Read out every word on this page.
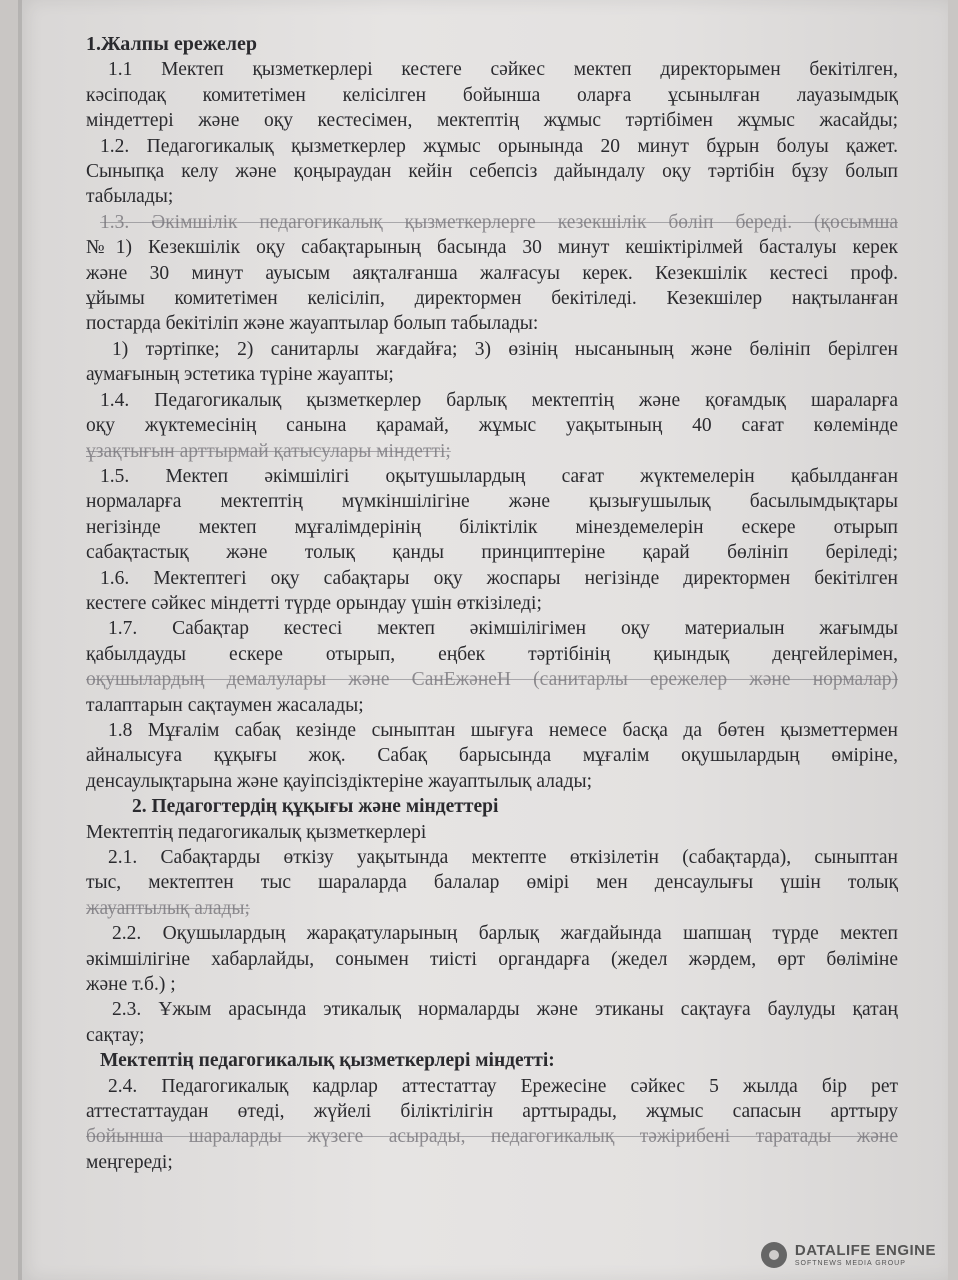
1.Жалпы ережелер
1.1 Мектеп қызметкерлері кестеге сәйкес мектеп директорымен бекітілген,
кәсіподақ комитетімен келісілген бойынша оларға ұсынылған лауазымдық
міндеттері және оқу кестесімен, мектептің жұмыс тәртібімен жұмыс жасайды;
1.2. Педагогикалық қызметкерлер жұмыс орынында 20 минут бұрын болуы қажет.
Сыныпқа келу және қоңыраудан кейін себепсіз дайындалу оқу тәртібін бұзу болып
табылады;
1.3. Әкімшілік педагогикалық қызметкерлерге кезекшілік бөліп береді. (қосымша
№1) Кезекшілік оқу сабақтарының басында 30 минут кешіктірілмей басталуы керек
және 30 минут ауысым аяқталғанша жалғасуы керек. Кезекшілік кестесі проф.
ұйымы комитетімен келісіліп, директормен бекітіледі. Кезекшілер нақтыланған
постарда бекітіліп және жауаптылар болып табылады:
1) тәртіпке; 2) санитарлы жағдайға; 3) өзінің нысанының және бөлініп берілген
аумағының эстетика түріне жауапты;
1.4. Педагогикалық қызметкерлер барлық мектептің және қоғамдық шараларға
оқу жүктемесінің санына қарамай, жұмыс уақытының 40 сағат көлемінде
ұзақтығын арттырмай қатысулары міндетті;
1.5. Мектеп әкімшілігі оқытушылардың сағат жүктемелерін қабылданған
нормаларға мектептің мүмкіншілігіне және қызығушылық басылымдықтары
негізінде мектеп мұғалімдерінің біліктілік мінездемелерін ескере отырып
сабақтастық және толық қанды принциптеріне қарай бөлініп беріледі;
1.6. Мектептегі оқу сабақтары оқу жоспары негізінде директормен бекітілген
кестеге сәйкес міндетті түрде орындау үшін өткізіледі;
1.7. Сабақтар кестесі мектеп әкімшілігімен оқу материалын жағымды
қабылдауды ескере отырып, еңбек тәртібінің қиындық деңгейлерімен,
оқушылардың демалулары және СанЕжәнеН (санитарлы ережелер және нормалар)
талаптарын сақтаумен жасалады;
1.8 Мұғалім сабақ кезінде сыныптан шығуға немесе басқа да бөтен қызметтермен
айналысуға құқығы жоқ. Сабақ барысында мұғалім оқушылардың өміріне,
денсаулықтарына және қауіпсіздіктеріне жауаптылық алады;
2. Педагогтердің құқығы және міндеттері
Мектептің педагогикалық қызметкерлері
2.1. Сабақтарды өткізу уақытында мектепте өткізілетін (сабақтарда), сыныптан
тыс, мектептен тыс шараларда балалар өмірі мен денсаулығы үшін толық
жауаптылық алады;
2.2. Оқушылардың жарақатуларының барлық жағдайында шапшаң түрде мектеп
әкімшілігіне хабарлайды, сонымен тиісті органдарға (жедел жәрдем, өрт бөліміне
және т.б.) ;
2.3. Ұжым арасында этикалық нормаларды және этиканы сақтауға баулуды қатаң
сақтау;
Мектептің педагогикалық қызметкерлері міндетті:
2.4. Педагогикалық кадрлар аттестаттау Ережесіне сәйкес 5 жылда бір рет
аттестаттаудан өтеді, жүйелі біліктілігін арттырады, жұмыс сапасын арттыру
бойынша шараларды жүзеге асырады, педагогикалық тәжірибені таратады және
меңгереді;
DATALIFE ENGINE
SOFTNEWS MEDIA GROUP
